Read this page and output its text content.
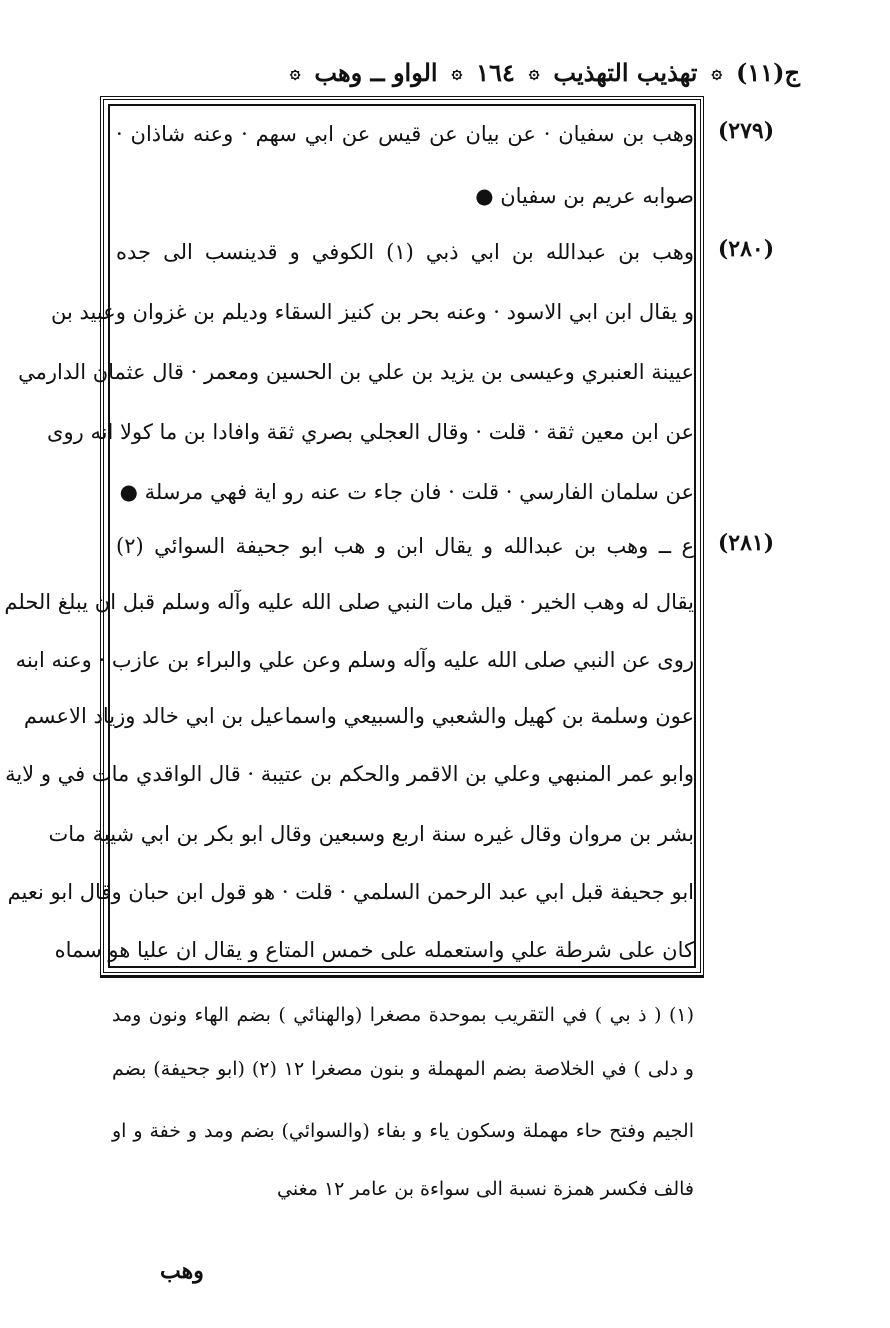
ج(١١)
۞
تهذيب التهذيب
۞
١٦٤
۞
الواو ــ وهب
۞
(٢٧٩)
وهب بن سفيان · عن بيان عن قيس عن ابي سهم · وعنه شاذان ·
صوابه عريم بن سفيان ●
(٢٨٠)
وهب بن عبدالله بن ابي ذبي (١) الكوفي و قدينسب الى جده
و يقال ابن ابي الاسود · وعنه بحر بن كنيز السقاء وديلم بن غزوان وعبيد بن
عيينة العنبري وعيسى بن يزيد بن علي بن الحسين ومعمر · قال عثمان الدارمي
عن ابن معين ثقة · قلت · وقال العجلي بصري ثقة وافادا بن ما كولا انه روى
عن سلمان الفارسي · قلت · فان جاء ت عنه رو اية فهي مرسلة ●
(٢٨١)
ع ــ وهب بن عبدالله و يقال ابن و هب ابو جحيفة السوائي (٢)
يقال له وهب الخير · قيل مات النبي صلى الله عليه وآله وسلم قبل ان يبلغ الحلم
روى عن النبي صلى الله عليه وآله وسلم وعن علي والبراء بن عازب · وعنه ابنه
عون وسلمة بن كهيل والشعبي والسبيعي واسماعيل بن ابي خالد وزياد الاعسم
وابو عمر المنبهي وعلي بن الاقمر والحكم بن عتيبة · قال الواقدي مات في و لاية
بشر بن مروان وقال غيره سنة اربع وسبعين وقال ابو بكر بن ابي شيبة مات
ابو جحيفة قبل ابي عبد الرحمن السلمي · قلت · هو قول ابن حبان وقال ابو نعيم
كان على شرطة علي واستعمله على خمس المتاع و يقال ان عليا هو سماه
(١) ( ذ بي ) في التقريب بموحدة مصغرا (والهنائي ) بضم الهاء ونون ومد
و دلى ) في الخلاصة بضم المهملة و بنون مصغرا ١٢ (٢) (ابو جحيفة) بضم
الجيم وفتح حاء مهملة وسكون ياء و بفاء (والسوائي) بضم ومد و خفة و او
فالف فكسر همزة نسبة الى سواءة بن عامر ١٢ مغني
وهب
